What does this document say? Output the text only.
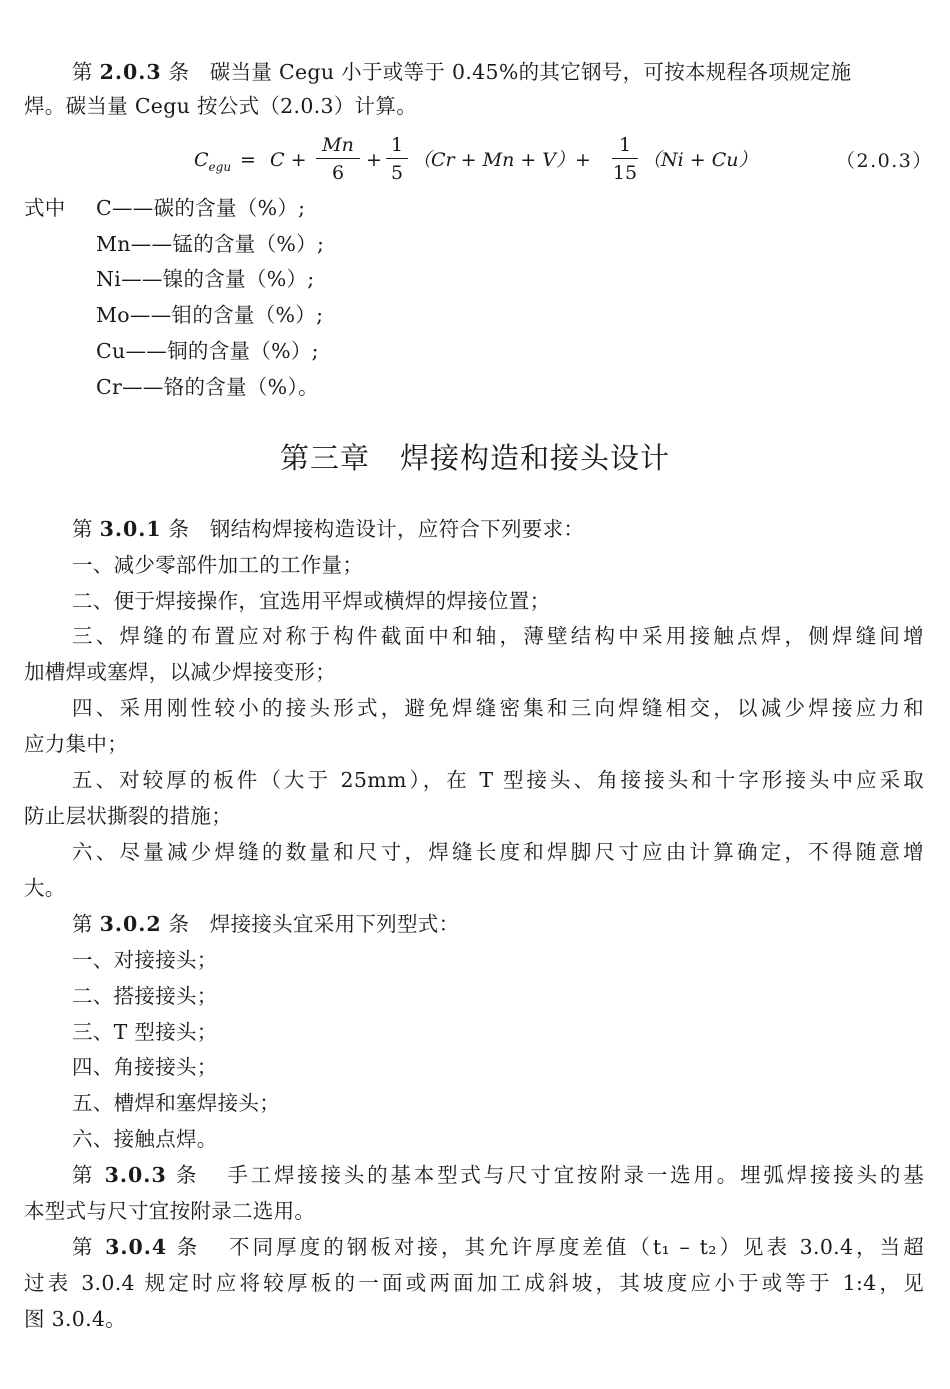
第 2.0.3 条 碳当量 Cegu 小于或等于 0.45%的其它钢号，可按本规程各项规定施
焊。碳当量 Cegu 按公式（2.0.3）计算。
$C_{egu} = C$ +
Mn
6
+
1
5
（Cr + Mn + V）+
1
15
（Ni + Cu）	（2.0.3）
式中 C——碳的含量（%）;
Mn——锰的含量（%）;
Ni——镍的含量（%）;
Mo——钼的含量（%）;
Cu——铜的含量（%）;
Cr——铬的含量（%）。
第三章 焊接构造和接头设计
第 3.0.1 条 钢结构焊接构造设计，应符合下列要求：
一、减少零部件加工的工作量；
二、便于焊接操作，宜选用平焊或横焊的焊接位置；
三、焊缝的布置应对称于构件截面中和轴，薄壁结构中采用接触点焊，侧焊缝间增
加槽焊或塞焊，以减少焊接变形；
四、采用刚性较小的接头形式，避免焊缝密集和三向焊缝相交，以减少焊接应力和
应力集中；
五、对较厚的板件（大于 25mm），在 T 型接头、角接接头和十字形接头中应采取
防止层状撕裂的措施；
六、尽量减少焊缝的数量和尺寸，焊缝长度和焊脚尺寸应由计算确定，不得随意增
大。
第 3.0.2 条 焊接接头宜采用下列型式：
一、对接接头；
二、搭接接头；
三、T 型接头；
四、角接接头；
五、槽焊和塞焊接头；
六、接触点焊。
第 3.0.3 条 手工焊接接头的基本型式与尺寸宜按附录一选用。埋弧焊接接头的基
本型式与尺寸宜按附录二选用。
第 3.0.4 条 不同厚度的钢板对接，其允许厚度差值（t₁ – t₂）见表 3.0.4，当超
过表 3.0.4 规定时应将较厚板的一面或两面加工成斜坡，其坡度应小于或等于 1:4，见
图 3.0.4。
